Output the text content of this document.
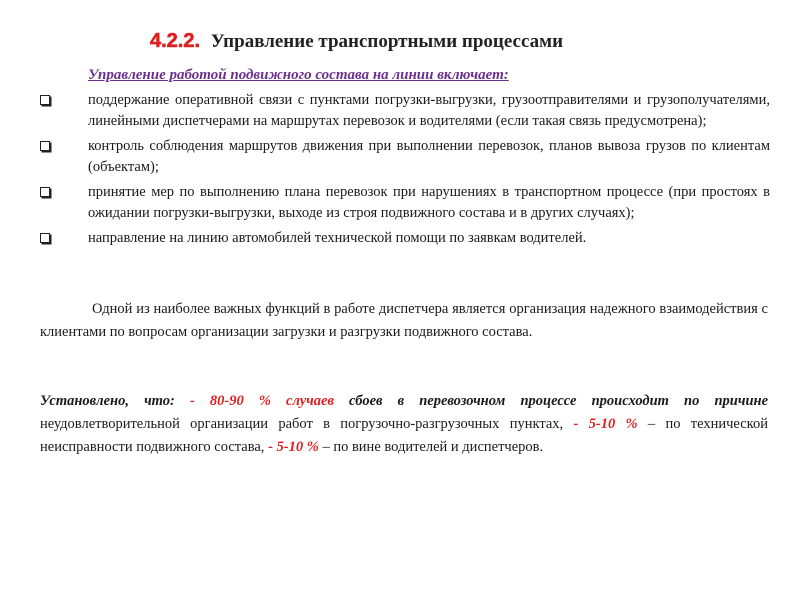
4.2.2. Управление транспортными процессами
Управление работой подвижного состава на линии включает:
поддержание оперативной связи с пунктами погрузки-выгрузки, грузоотправителями и грузополучателями, линейными диспетчерами на маршрутах перевозок и водителями (если такая связь предусмотрена);
контроль соблюдения маршрутов движения при выполнении перевозок, планов вывоза грузов по клиентам (объектам);
принятие мер по выполнению плана перевозок при нарушениях в транспортном процессе (при простоях в ожидании погрузки-выгрузки, выходе из строя подвижного состава и в других случаях);
направление на линию автомобилей технической помощи по заявкам водителей.
Одной из наиболее важных функций в работе диспетчера является организация надежного взаимодействия с клиентами по вопросам организации загрузки и разгрузки подвижного состава.
Установлено, что: - 80-90 % случаев сбоев в перевозочном процессе происходит по причине неудовлетворительной организации работ в погрузочно-разгрузочных пунктах, - 5-10 % – по технической неисправности подвижного состава, - 5-10 % – по вине водителей и диспетчеров.
